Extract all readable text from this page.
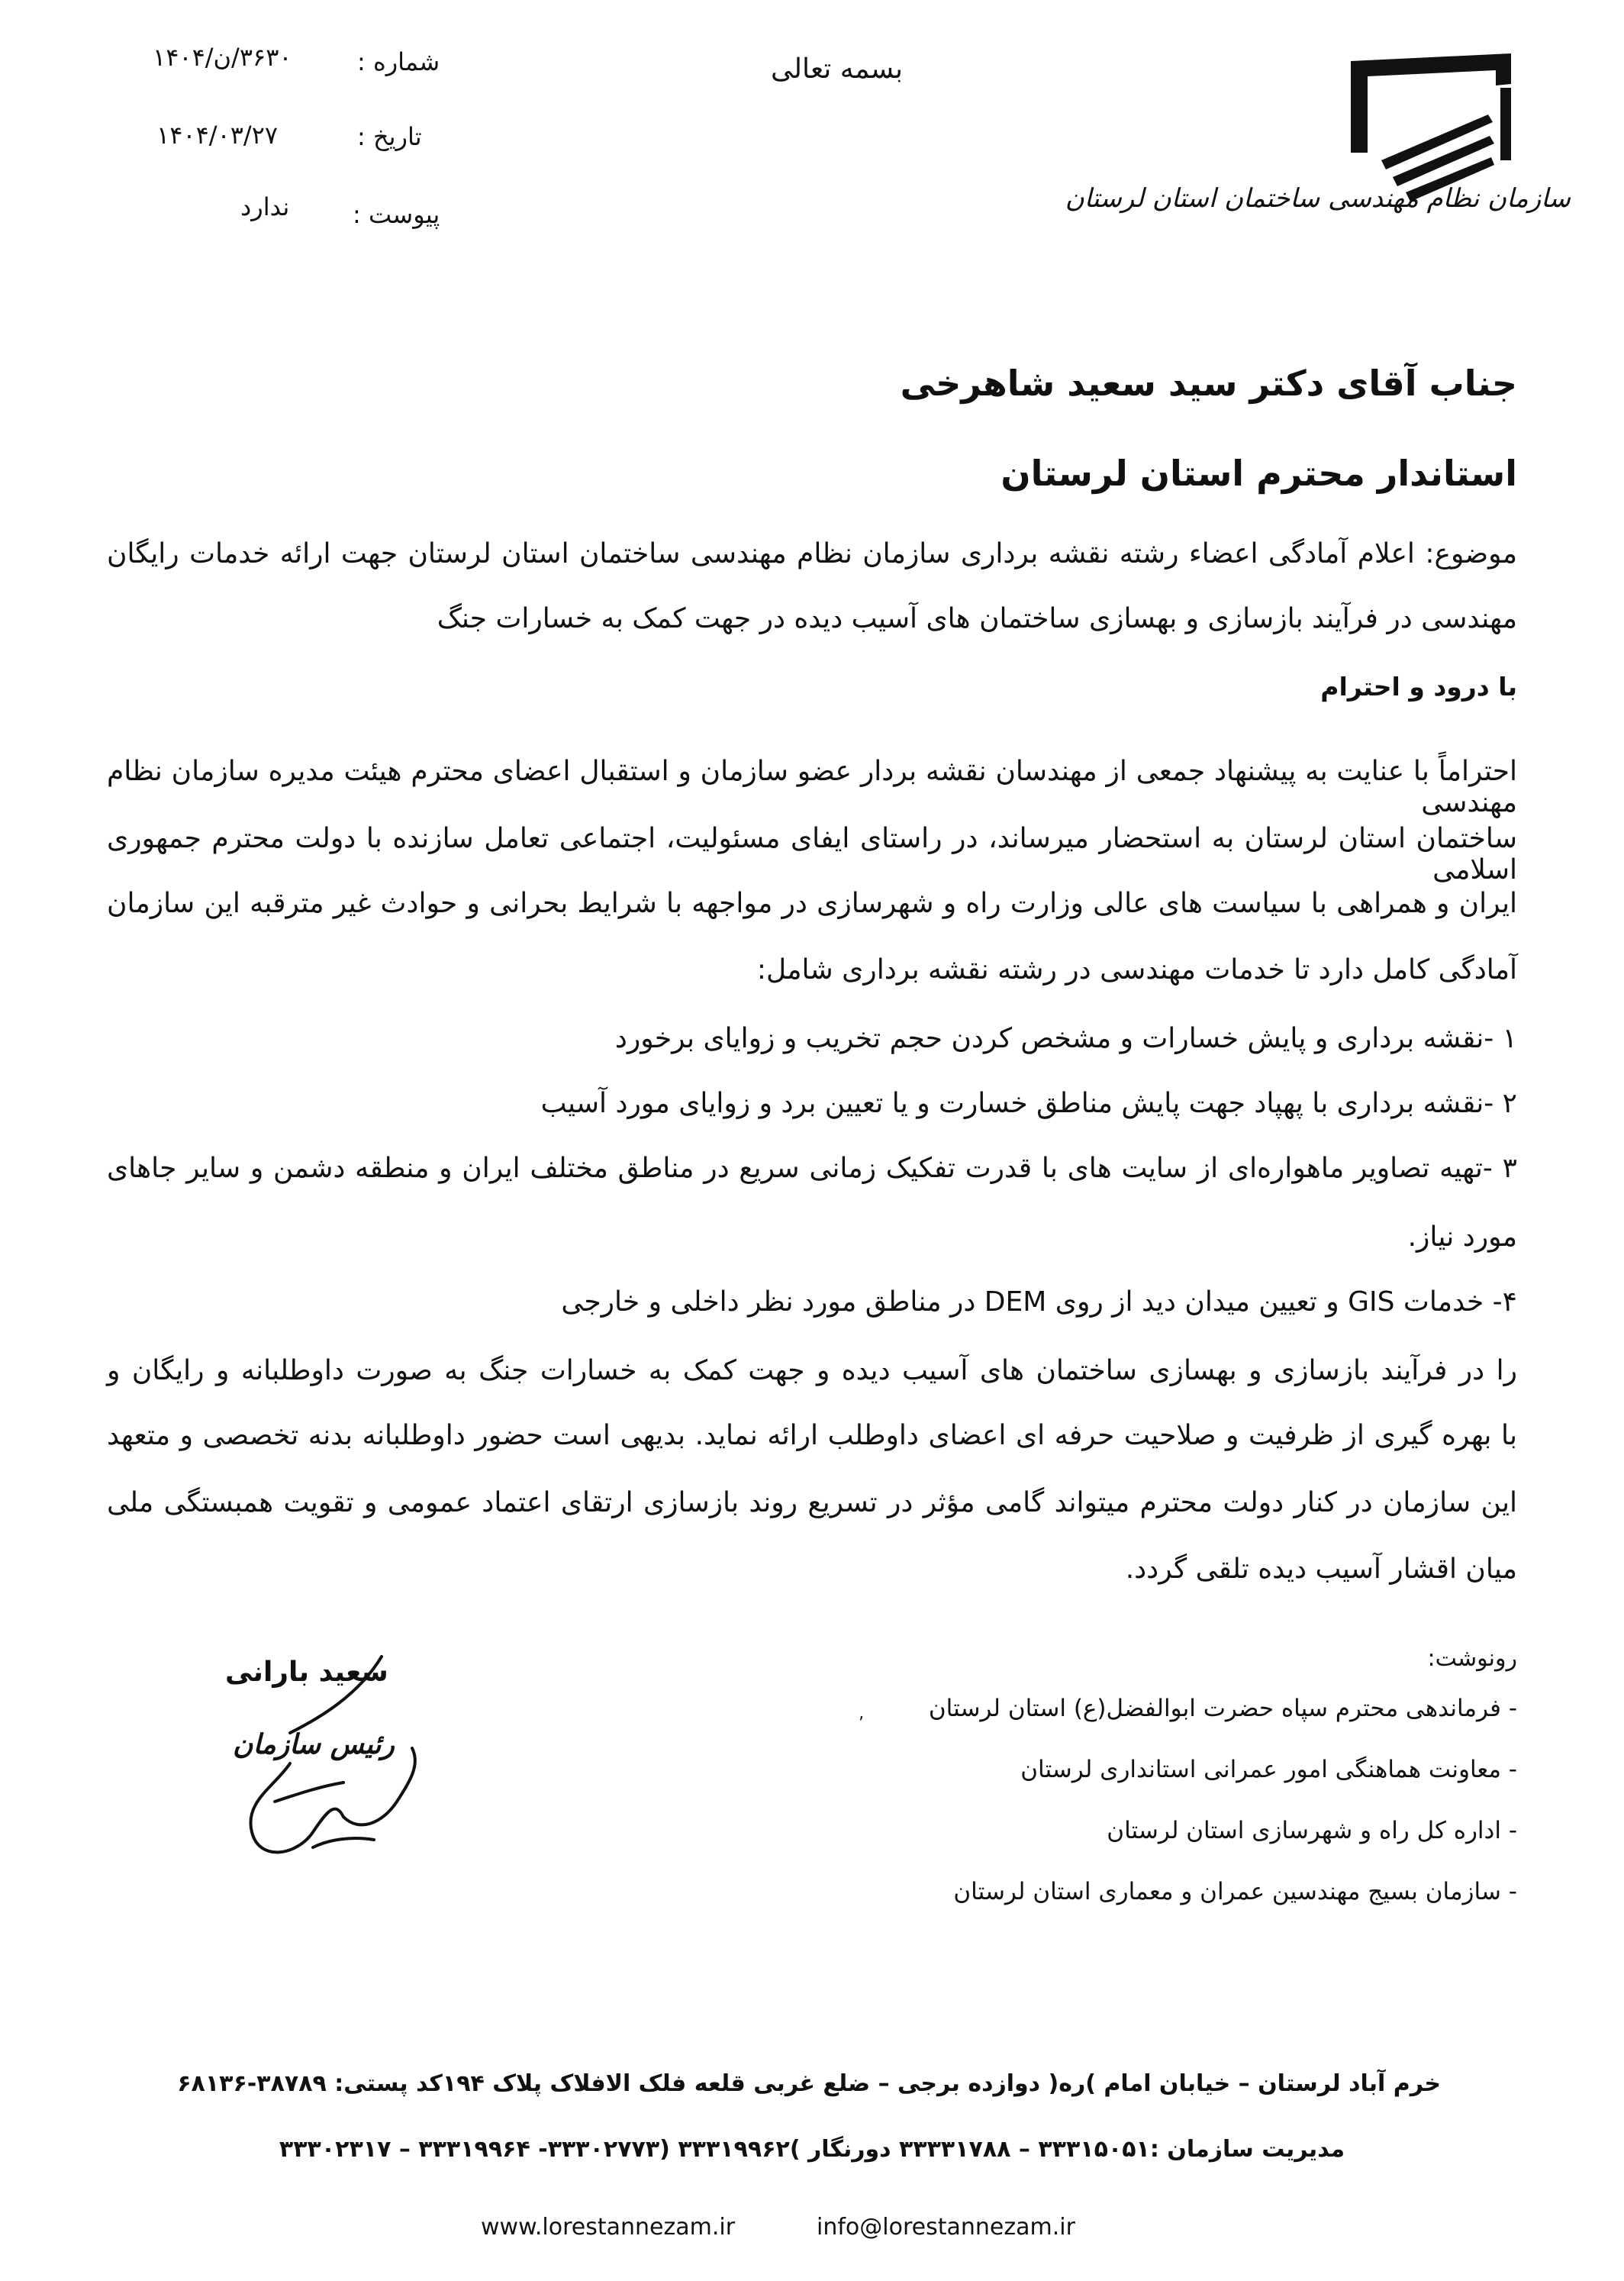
سازمان نظام مهندسی ساختمان استان لرستان
بسمه تعالی
شماره :
۳۶۳۰/ن/۱۴۰۴
تاریخ :
۱۴۰۴/۰۳/۲۷
پیوست :
ندارد
جناب آقای دکتر سید سعید شاهرخی
استاندار محترم استان لرستان
موضوع: اعلام آمادگی اعضاء رشته نقشه برداری سازمان نظام مهندسی ساختمان استان لرستان جهت ارائه خدمات رایگان
مهندسی در فرآیند بازسازی و بهسازی ساختمان های آسیب دیده در جهت کمک به خسارات جنگ
با درود و احترام
احتراماً با عنایت به پیشنهاد جمعی از مهندسان نقشه بردار عضو سازمان و استقبال اعضای محترم هیئت مدیره سازمان نظام مهندسی
ساختمان استان لرستان به استحضار میرساند، در راستای ایفای مسئولیت، اجتماعی تعامل سازنده با دولت محترم جمهوری اسلامی
ایران و همراهی با سیاست های عالی وزارت راه و شهرسازی در مواجهه با شرایط بحرانی و حوادث غیر مترقبه این سازمان
آمادگی کامل دارد تا خدمات مهندسی در رشته نقشه برداری شامل:
۱ -نقشه برداری و پایش خسارات و مشخص کردن حجم تخریب و زوایای برخورد
۲ -نقشه برداری با پهپاد جهت پایش مناطق خسارت و یا تعیین برد و زوایای مورد آسیب
۳ -تهیه تصاویر ماهواره‌ای از سایت های با قدرت تفکیک زمانی سریع در مناطق مختلف ایران و منطقه دشمن و سایر جاهای
مورد نیاز.
۴- خدمات GIS و تعیین میدان دید از روی DEM در مناطق مورد نظر داخلی و خارجی
را در فرآیند بازسازی و بهسازی ساختمان های آسیب دیده و جهت کمک به خسارات جنگ به صورت داوطلبانه و رایگان و
با بهره گیری از ظرفیت و صلاحیت حرفه ای اعضای داوطلب ارائه نماید. بدیهی است حضور داوطلبانه بدنه تخصصی و متعهد
این سازمان در کنار دولت محترم میتواند گامی مؤثر در تسریع روند بازسازی ارتقای اعتماد عمومی و تقویت همبستگی ملی
میان اقشار آسیب دیده تلقی گردد.
رونوشت:
- فرماندهی محترم سپاه حضرت ابوالفضل(ع) استان لرستان
- معاونت هماهنگی امور عمرانی استانداری لرستان
- اداره کل راه و شهرسازی استان لرستان
- سازمان بسیج مهندسین عمران و معماری استان لرستان
‚
سعید بارانی
رئیس سازمان
خرم آباد لرستان – خیابان امام )ره( دوازده برجی – ضلع غربی قلعه فلک الافلاک پلاک ۱۹۴کد پستی: ۳۸۷۸۹-۶۸۱۳۶
مدیریت سازمان :۳۳۳۱۵۰۵۱ – ۳۳۳۳۱۷۸۸ دورنگار )۳۳۳۱۹۹۶۲ (۳۳۳۰۲۷۷۳- ۳۳۳۱۹۹۶۴ – ۳۳۳۰۲۳۱۷
www.lorestannezam.ir	info@lorestannezam.ir
